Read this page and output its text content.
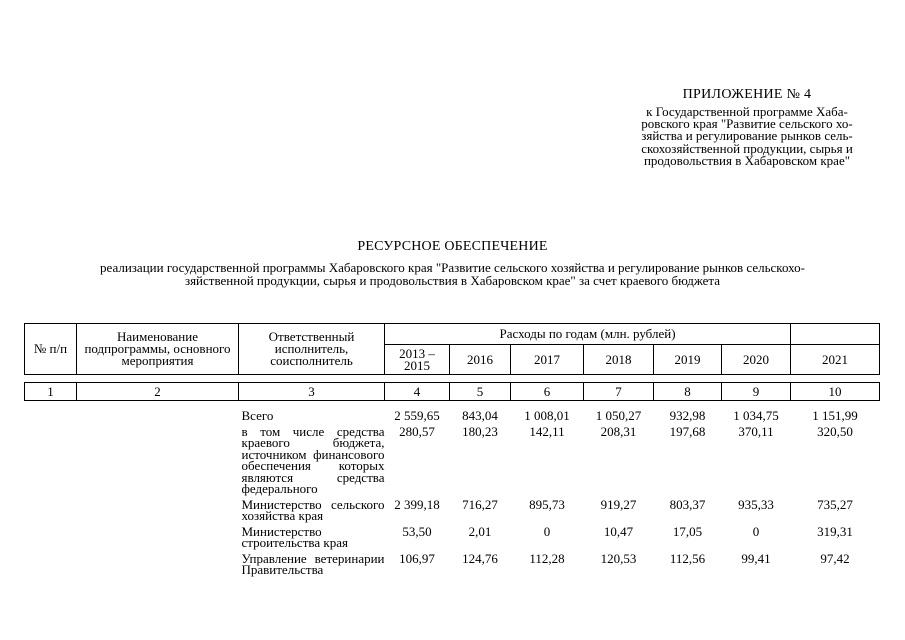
ПРИЛОЖЕНИЕ № 4
к Государственной программе Хаба-
ровского края "Развитие сельского хо-
зяйства и регулирование рынков сель-
скохозяйственной продукции, сырья и
продовольствия в Хабаровском крае"
РЕСУРСНОЕ ОБЕСПЕЧЕНИЕ
реализации государственной программы Хабаровского края "Развитие сельского хозяйства и регулирование рынков сельскохо-
зяйственной продукции, сырья и продовольствия в Хабаровском крае" за счет краевого бюджета
№ п/п	Наименование подпрограммы, основного мероприятия	Ответственный исполнитель, соисполнитель	Расходы по годам (млн. рублей)						
			2013 – 2015	2016	2017	2018	2019	2020	2021

1	2	3	4	5	6	7	8	9	10
		Всего	2 559,65	843,04	1 008,01	1 050,27	932,98	1 034,75	1 151,99
		в том числе средства краевого бюджета, источником финансового обеспечения которых являются средства федерального	280,57	180,23	142,11	208,31	197,68	370,11	320,50
		Министерство сельского хозяйства края	2 399,18	716,27	895,73	919,27	803,37	935,33	735,27
		Министерство строительства края	53,50	2,01	0	10,47	17,05	0	319,31
		Управление ветеринарии Правительства	106,97	124,76	112,28	120,53	112,56	99,41	97,42
